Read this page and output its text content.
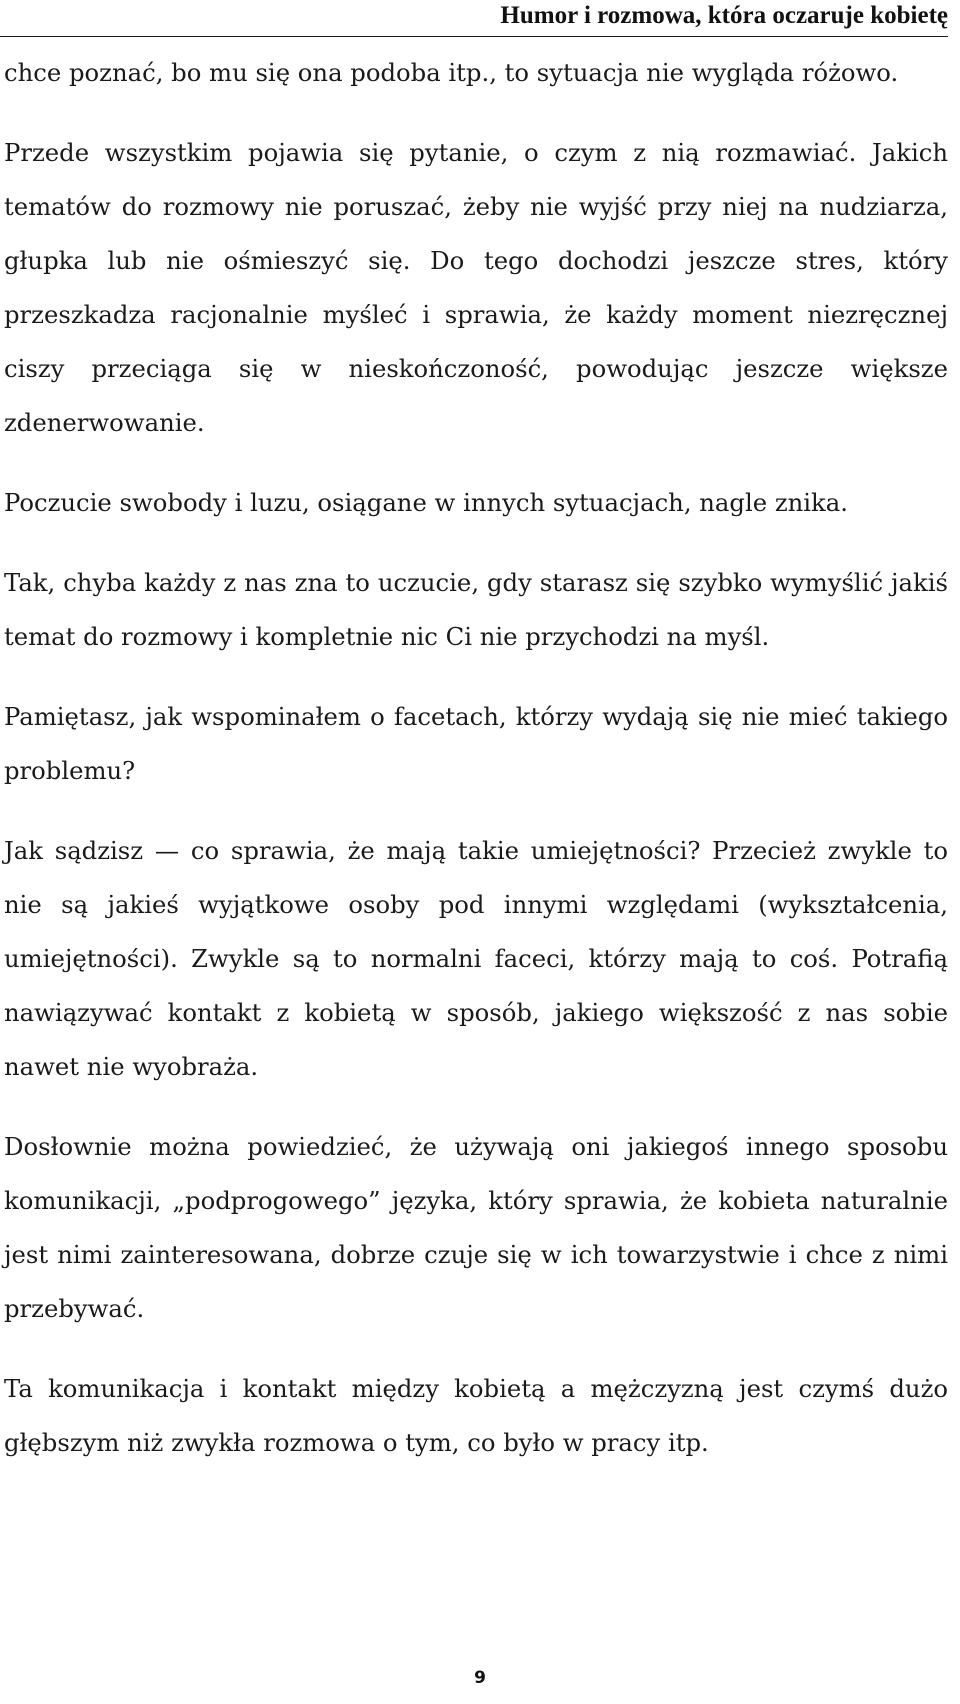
Humor i rozmowa, która oczaruje kobietę

chce poznać, bo mu się ona podoba itp., to sytuacja nie wygląda różowo.

Przede wszystkim pojawia się pytanie, o czym z nią rozmawiać. Jakich tematów do rozmowy nie poruszać, żeby nie wyjść przy niej na nudziarza, głupka lub nie ośmieszyć się. Do tego dochodzi jeszcze stres, który przeszkadza racjonalnie myśleć i sprawia, że każdy moment niezręcznej ciszy przeciąga się w nieskończoność, powodując jeszcze większe zdenerwowanie.

Poczucie swobody i luzu, osiągane w innych sytuacjach, nagle znika.

Tak, chyba każdy z nas zna to uczucie, gdy starasz się szybko wymyślić jakiś temat do rozmowy i kompletnie nic Ci nie przychodzi na myśl.

Pamiętasz, jak wspominałem o facetach, którzy wydają się nie mieć takiego problemu?

Jak sądzisz — co sprawia, że mają takie umiejętności? Przecież zwykle to nie są jakieś wyjątkowe osoby pod innymi względami (wykształcenia, umiejętności). Zwykle są to normalni faceci, którzy mają to coś. Potrafią nawiązywać kontakt z kobietą w sposób, jakiego większość z nas sobie nawet nie wyobraża.

Dosłownie można powiedzieć, że używają oni jakiegoś innego sposobu komunikacji, „podprogowego” języka, który sprawia, że kobieta naturalnie jest nimi zainteresowana, dobrze czuje się w ich towarzystwie i chce z nimi przebywać.

Ta komunikacja i kontakt między kobietą a mężczyzną jest czymś dużo głębszym niż zwykła rozmowa o tym, co było w pracy itp.

9
